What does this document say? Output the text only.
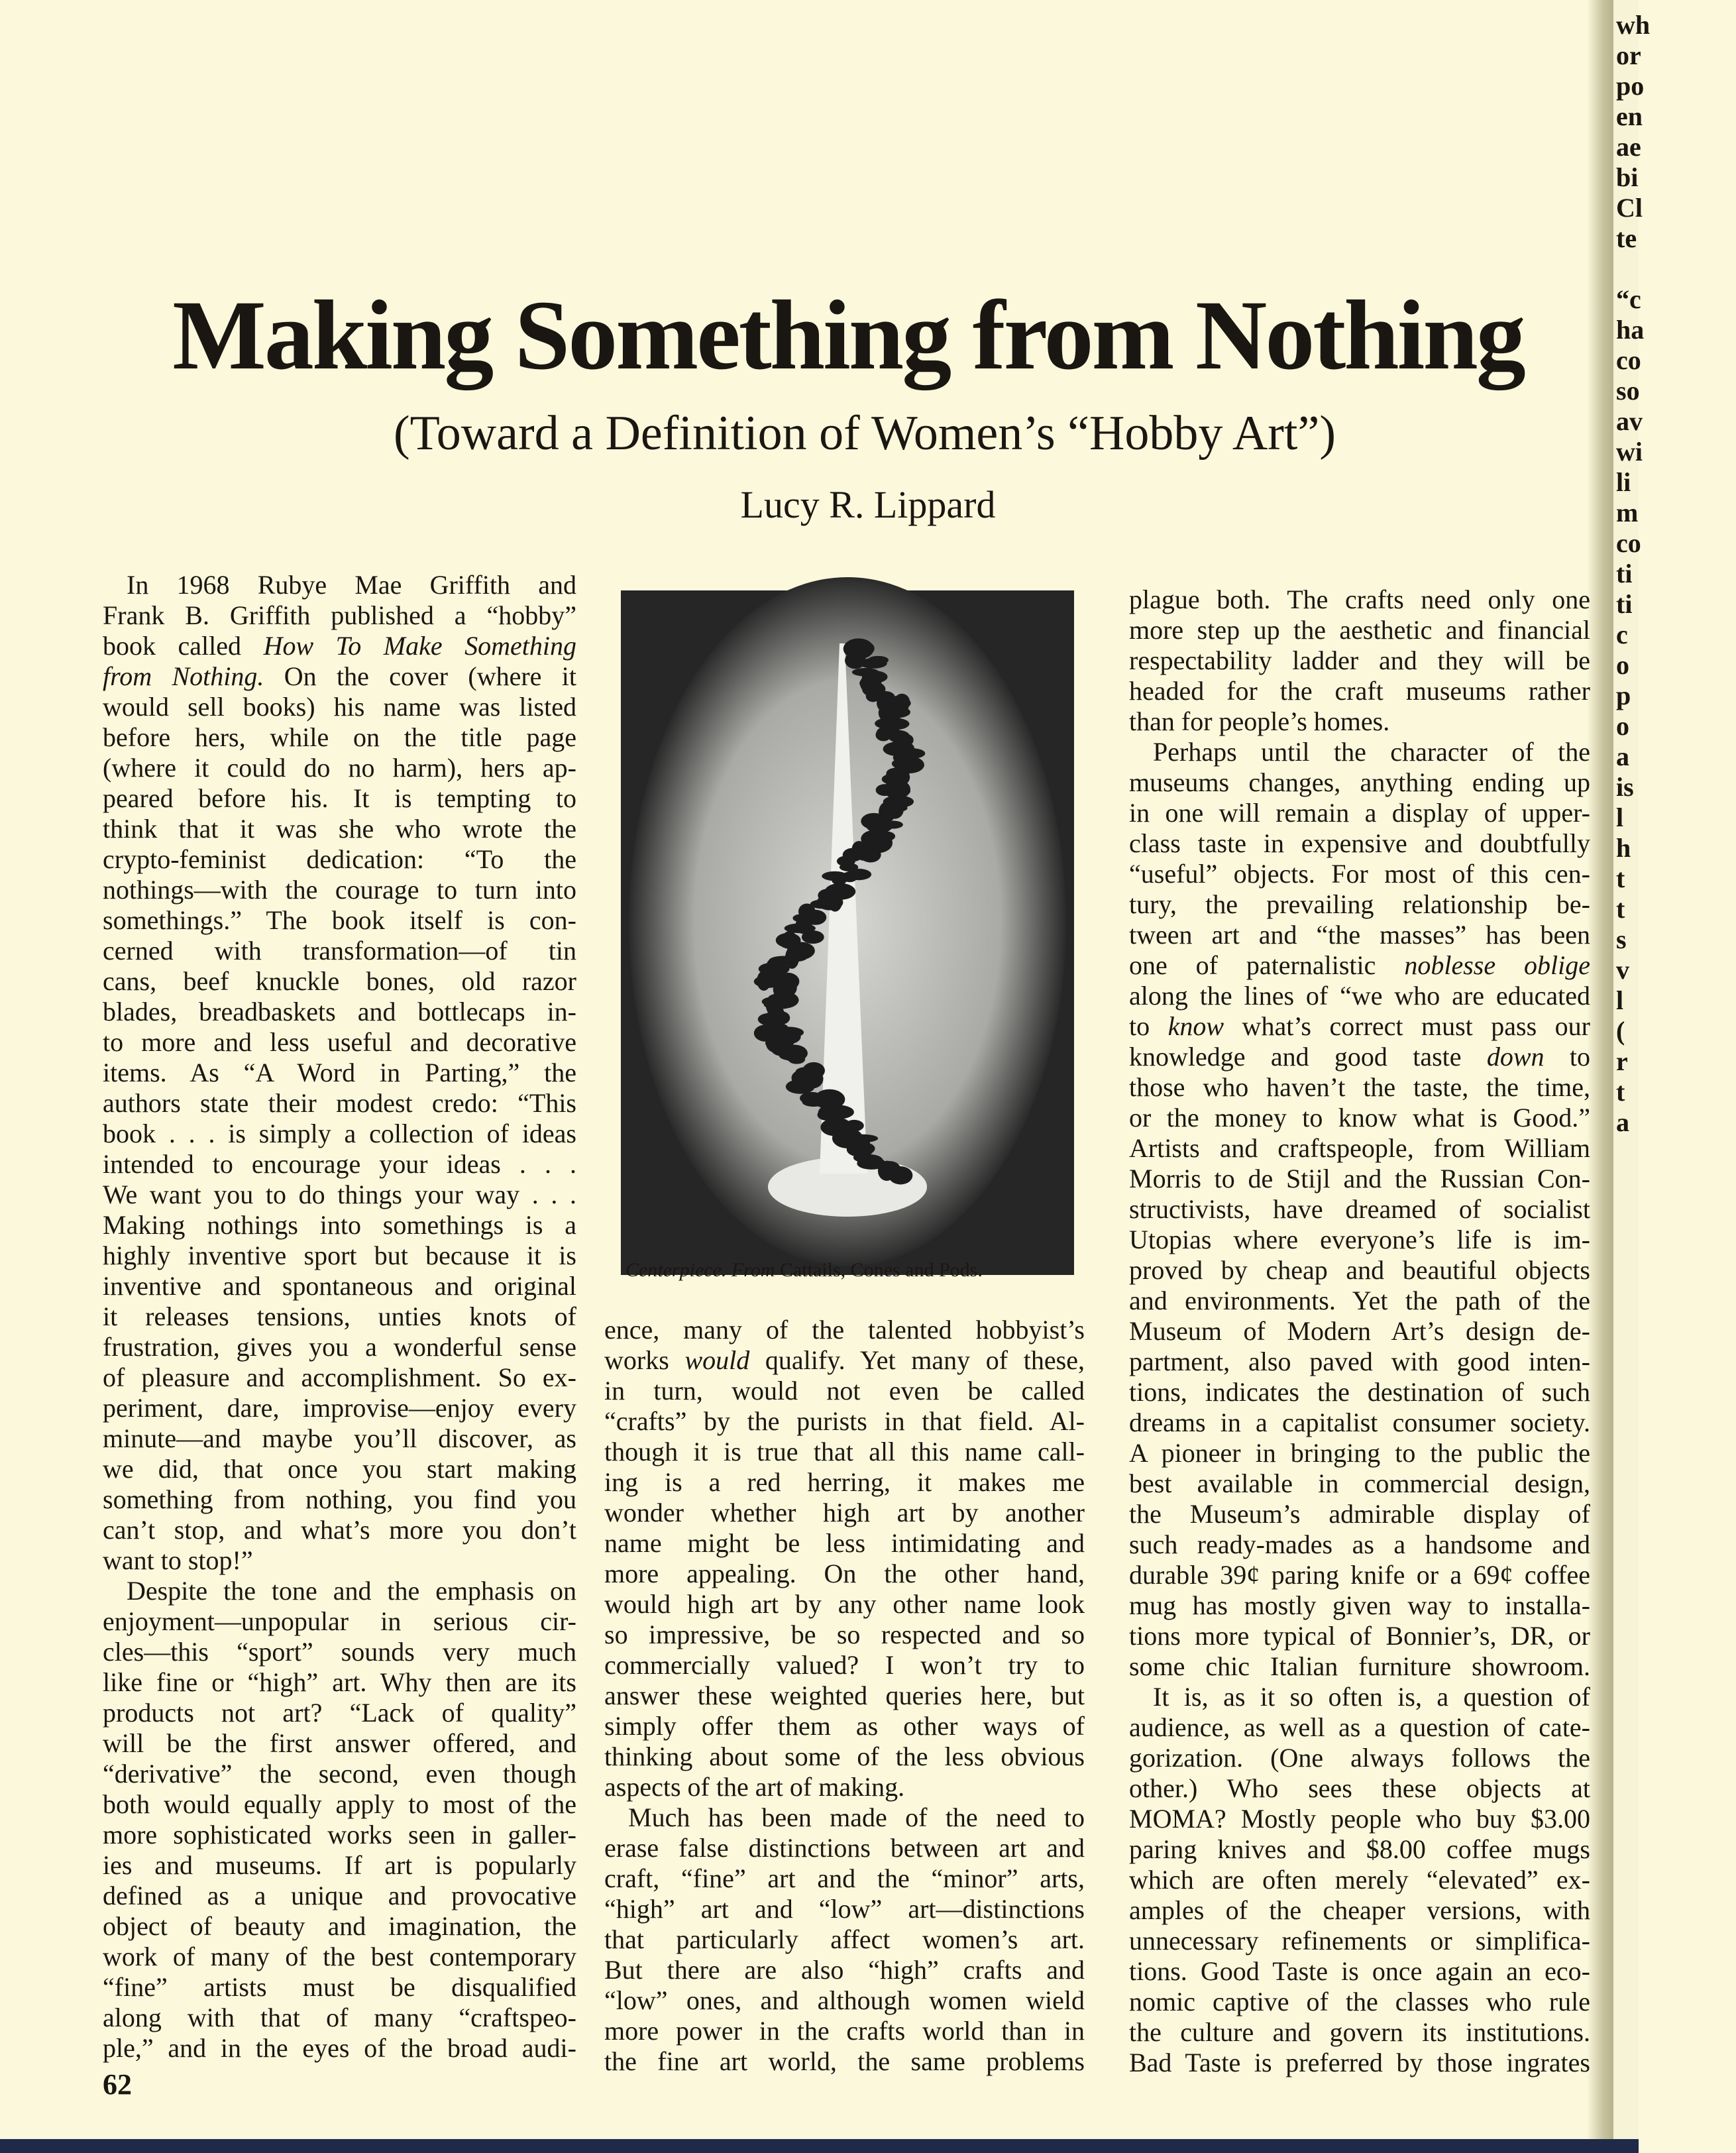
wh
or
po
en
ae
bi
Cl
te
“c
ha
co
so
av
wi
li
m
co
ti
ti
c
o
p
o
a
is
l
h
t
t
s
v
l
(
r
t
a
Making Something from Nothing
(Toward a Definition of Women’s “Hobby Art”)
Lucy R. Lippard
In 1968 Rubye Mae Griffith and
Frank B. Griffith published a “hobby”
book called How To Make Something
from Nothing. On the cover (where it
would sell books) his name was listed
before hers, while on the title page
(where it could do no harm), hers ap-
peared before his. It is tempting to
think that it was she who wrote the
crypto-feminist dedication: “To the
nothings—with the courage to turn into
somethings.” The book itself is con-
cerned with transformation—of tin
cans, beef knuckle bones, old razor
blades, breadbaskets and bottlecaps in-
to more and less useful and decorative
items. As “A Word in Parting,” the
authors state their modest credo: “This
book . . . is simply a collection of ideas
intended to encourage your ideas . . .
We want you to do things your way . . .
Making nothings into somethings is a
highly inventive sport but because it is
inventive and spontaneous and original
it releases tensions, unties knots of
frustration, gives you a wonderful sense
of pleasure and accomplishment. So ex-
periment, dare, improvise—enjoy every
minute—and maybe you’ll discover, as
we did, that once you start making
something from nothing, you find you
can’t stop, and what’s more you don’t
want to stop!”
Despite the tone and the emphasis on
enjoyment—unpopular in serious cir-
cles—this “sport” sounds very much
like fine or “high” art. Why then are its
products not art? “Lack of quality”
will be the first answer offered, and
“derivative” the second, even though
both would equally apply to most of the
more sophisticated works seen in galler-
ies and museums. If art is popularly
defined as a unique and provocative
object of beauty and imagination, the
work of many of the best contemporary
“fine” artists must be disqualified
along with that of many “craftspeo-
ple,” and in the eyes of the broad audi-
Centerpiece. From Cattails, Cones and Pods.
ence, many of the talented hobbyist’s
works would qualify. Yet many of these,
in turn, would not even be called
“crafts” by the purists in that field. Al-
though it is true that all this name call-
ing is a red herring, it makes me
wonder whether high art by another
name might be less intimidating and
more appealing. On the other hand,
would high art by any other name look
so impressive, be so respected and so
commercially valued? I won’t try to
answer these weighted queries here, but
simply offer them as other ways of
thinking about some of the less obvious
aspects of the art of making.
Much has been made of the need to
erase false distinctions between art and
craft, “fine” art and the “minor” arts,
“high” art and “low” art—distinctions
that particularly affect women’s art.
But there are also “high” crafts and
“low” ones, and although women wield
more power in the crafts world than in
the fine art world, the same problems
plague both. The crafts need only one
more step up the aesthetic and financial
respectability ladder and they will be
headed for the craft museums rather
than for people’s homes.
Perhaps until the character of the
museums changes, anything ending up
in one will remain a display of upper-
class taste in expensive and doubtfully
“useful” objects. For most of this cen-
tury, the prevailing relationship be-
tween art and “the masses” has been
one of paternalistic noblesse oblige
along the lines of “we who are educated
to know what’s correct must pass our
knowledge and good taste down to
those who haven’t the taste, the time,
or the money to know what is Good.”
Artists and craftspeople, from William
Morris to de Stijl and the Russian Con-
structivists, have dreamed of socialist
Utopias where everyone’s life is im-
proved by cheap and beautiful objects
and environments. Yet the path of the
Museum of Modern Art’s design de-
partment, also paved with good inten-
tions, indicates the destination of such
dreams in a capitalist consumer society.
A pioneer in bringing to the public the
best available in commercial design,
the Museum’s admirable display of
such ready-mades as a handsome and
durable 39¢ paring knife or a 69¢ coffee
mug has mostly given way to installa-
tions more typical of Bonnier’s, DR, or
some chic Italian furniture showroom.
It is, as it so often is, a question of
audience, as well as a question of cate-
gorization. (One always follows the
other.) Who sees these objects at
MOMA? Mostly people who buy $3.00
paring knives and $8.00 coffee mugs
which are often merely “elevated” ex-
amples of the cheaper versions, with
unnecessary refinements or simplifica-
tions. Good Taste is once again an eco-
nomic captive of the classes who rule
the culture and govern its institutions.
Bad Taste is preferred by those ingrates
62
